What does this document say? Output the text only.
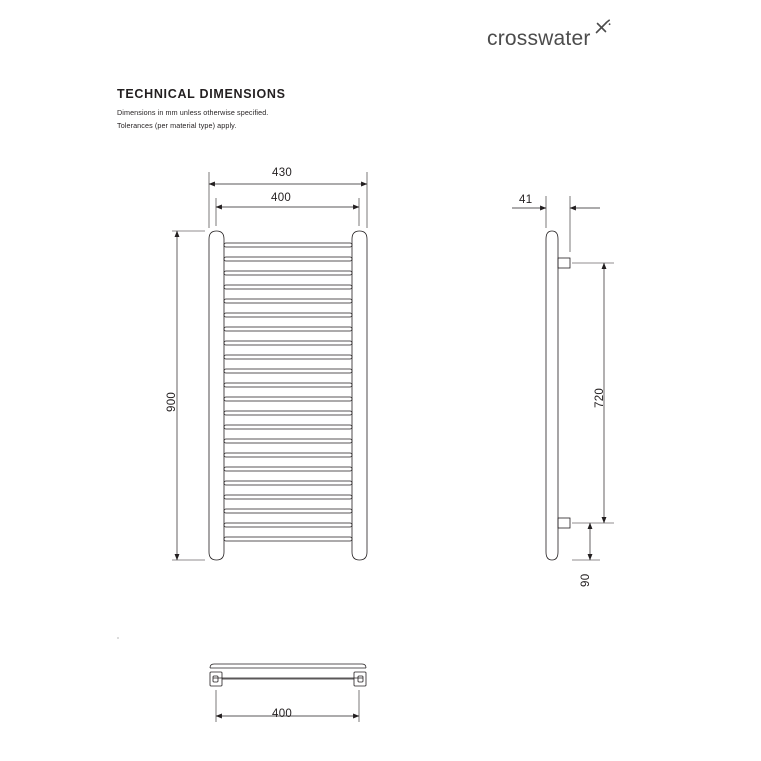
crosswater
TECHNICAL DIMENSIONS
Dimensions in mm unless otherwise specified.
Tolerances (per material type) apply.
430
400
900
41
720
90
400
